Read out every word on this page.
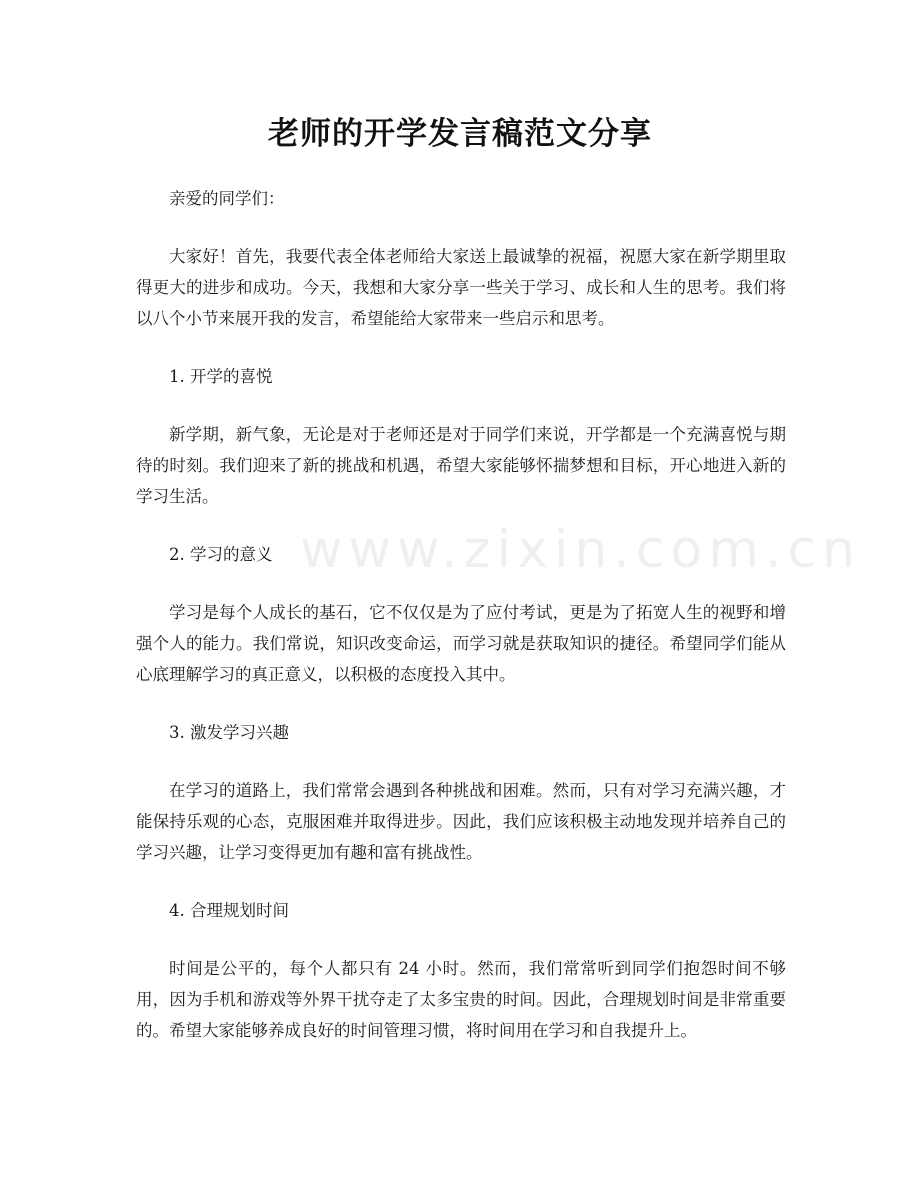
老师的开学发言稿范文分享
www.zixin.com.cn

亲爱的同学们：

大家好！首先，我要代表全体老师给大家送上最诚挚的祝福，祝愿大家在新学期里取得更大的进步和成功。今天，我想和大家分享一些关于学习、成长和人生的思考。我们将以八个小节来展开我的发言，希望能给大家带来一些启示和思考。

1. 开学的喜悦

新学期，新气象，无论是对于老师还是对于同学们来说，开学都是一个充满喜悦与期待的时刻。我们迎来了新的挑战和机遇，希望大家能够怀揣梦想和目标，开心地进入新的学习生活。

2. 学习的意义

学习是每个人成长的基石，它不仅仅是为了应付考试，更是为了拓宽人生的视野和增强个人的能力。我们常说，知识改变命运，而学习就是获取知识的捷径。希望同学们能从心底理解学习的真正意义，以积极的态度投入其中。

3. 激发学习兴趣

在学习的道路上，我们常常会遇到各种挑战和困难。然而，只有对学习充满兴趣，才能保持乐观的心态，克服困难并取得进步。因此，我们应该积极主动地发现并培养自己的学习兴趣，让学习变得更加有趣和富有挑战性。

4. 合理规划时间

时间是公平的，每个人都只有 24 小时。然而，我们常常听到同学们抱怨时间不够用，因为手机和游戏等外界干扰夺走了太多宝贵的时间。因此，合理规划时间是非常重要的。希望大家能够养成良好的时间管理习惯，将时间用在学习和自我提升上。
